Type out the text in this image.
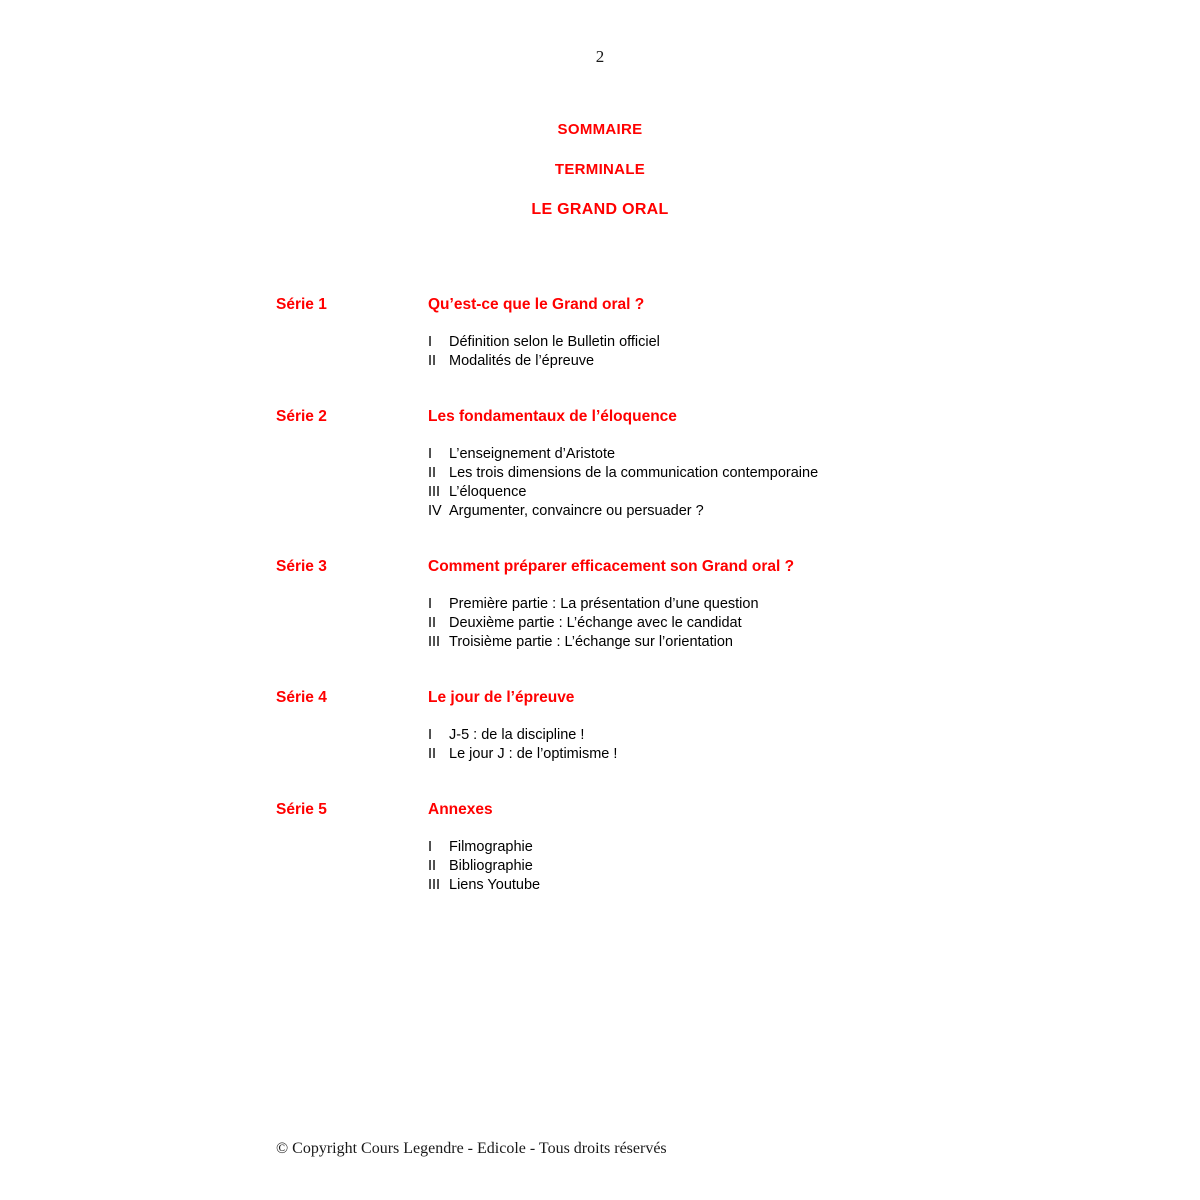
2
SOMMAIRE
TERMINALE
LE GRAND ORAL
Série 1	Qu’est-ce que le Grand oral ?
I	Définition selon le Bulletin officiel
II Modalités de l’épreuve
Série 2	Les fondamentaux de l’éloquence
I	L’enseignement d’Aristote
II Les trois dimensions de la communication contemporaine
III L’éloquence
IV Argumenter, convaincre ou persuader ?
Série 3	Comment préparer efficacement son Grand oral ?
I	Première partie : La présentation d’une question
II Deuxième partie : L’échange avec le candidat
III Troisième partie : L’échange sur l’orientation
Série 4	Le jour de l’épreuve
I	J-5 : de la discipline !
II Le jour J : de l’optimisme !
Série 5	Annexes
I	Filmographie
II Bibliographie
III Liens Youtube
© Copyright Cours Legendre - Edicole - Tous droits réservés
